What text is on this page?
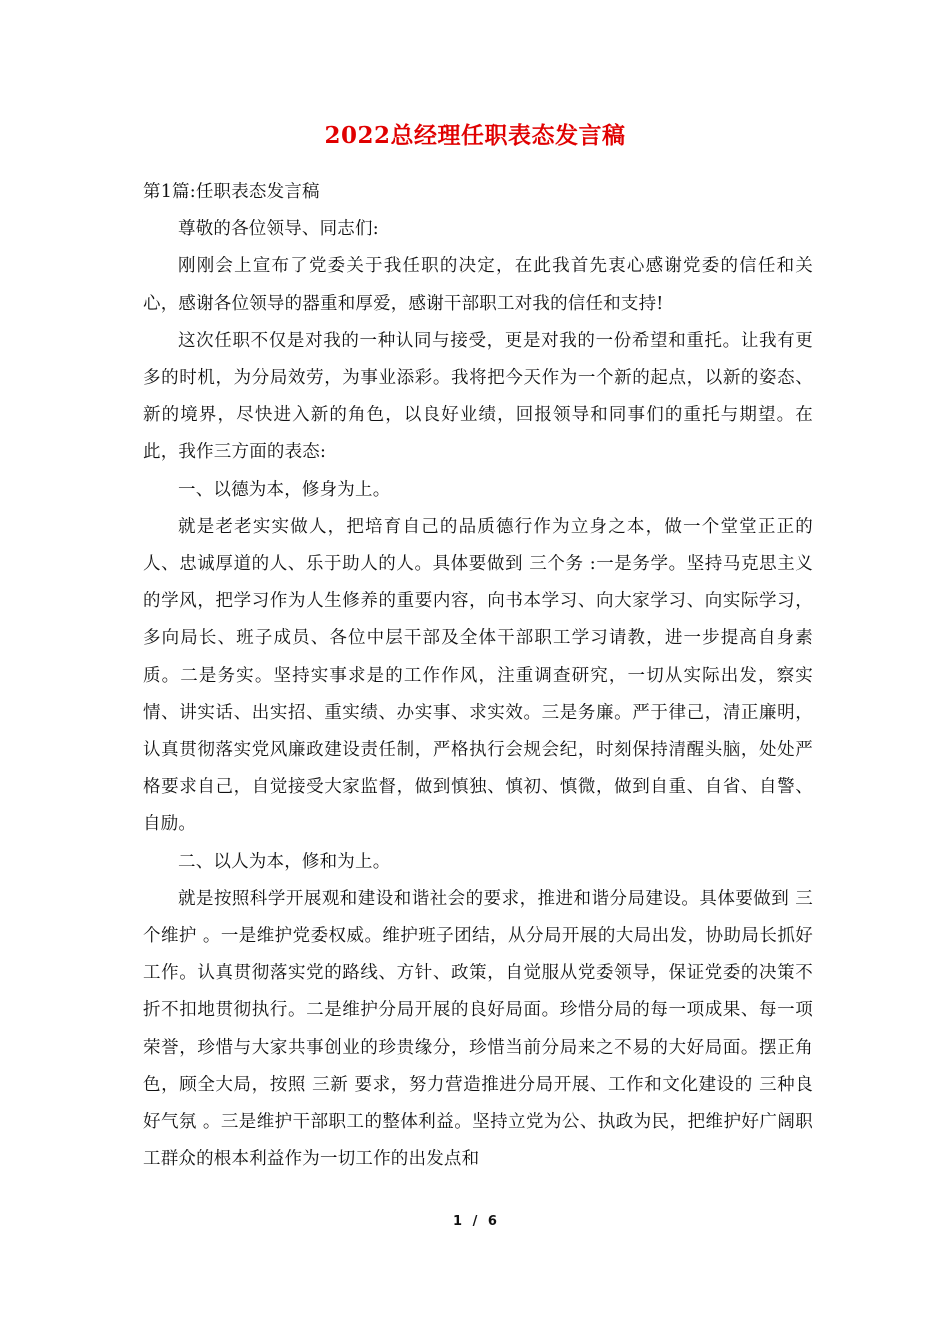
2022总经理任职表态发言稿

第1篇:任职表态发言稿

尊敬的各位领导、同志们:

刚刚会上宣布了党委关于我任职的决定，在此我首先衷心感谢党委的信任和关心，感谢各位领导的器重和厚爱，感谢干部职工对我的信任和支持!

这次任职不仅是对我的一种认同与接受，更是对我的一份希望和重托。让我有更多的时机，为分局效劳，为事业添彩。我将把今天作为一个新的起点，以新的姿态、新的境界，尽快进入新的角色，以良好业绩，回报领导和同事们的重托与期望。在此，我作三方面的表态:

一、以德为本，修身为上。

就是老老实实做人，把培育自己的品质德行作为立身之本，做一个堂堂正正的人、忠诚厚道的人、乐于助人的人。具体要做到 三个务 :一是务学。坚持马克思主义的学风，把学习作为人生修养的重要内容，向书本学习、向大家学习、向实际学习，多向局长、班子成员、各位中层干部及全体干部职工学习请教，进一步提高自身素质。二是务实。坚持实事求是的工作作风，注重调查研究，一切从实际出发，察实情、讲实话、出实招、重实绩、办实事、求实效。三是务廉。严于律己，清正廉明，认真贯彻落实党风廉政建设责任制，严格执行会规会纪，时刻保持清醒头脑，处处严格要求自己，自觉接受大家监督，做到慎独、慎初、慎微，做到自重、自省、自警、自励。

二、以人为本，修和为上。

就是按照科学开展观和建设和谐社会的要求，推进和谐分局建设。具体要做到 三个维护 。一是维护党委权威。维护班子团结，从分局开展的大局出发，协助局长抓好工作。认真贯彻落实党的路线、方针、政策，自觉服从党委领导，保证党委的决策不折不扣地贯彻执行。二是维护分局开展的良好局面。珍惜分局的每一项成果、每一项荣誉，珍惜与大家共事创业的珍贵缘分，珍惜当前分局来之不易的大好局面。摆正角色，顾全大局，按照 三新 要求，努力营造推进分局开展、工作和文化建设的 三种良好气氛 。三是维护干部职工的整体利益。坚持立党为公、执政为民，把维护好广阔职工群众的根本利益作为一切工作的出发点和

1 / 6
